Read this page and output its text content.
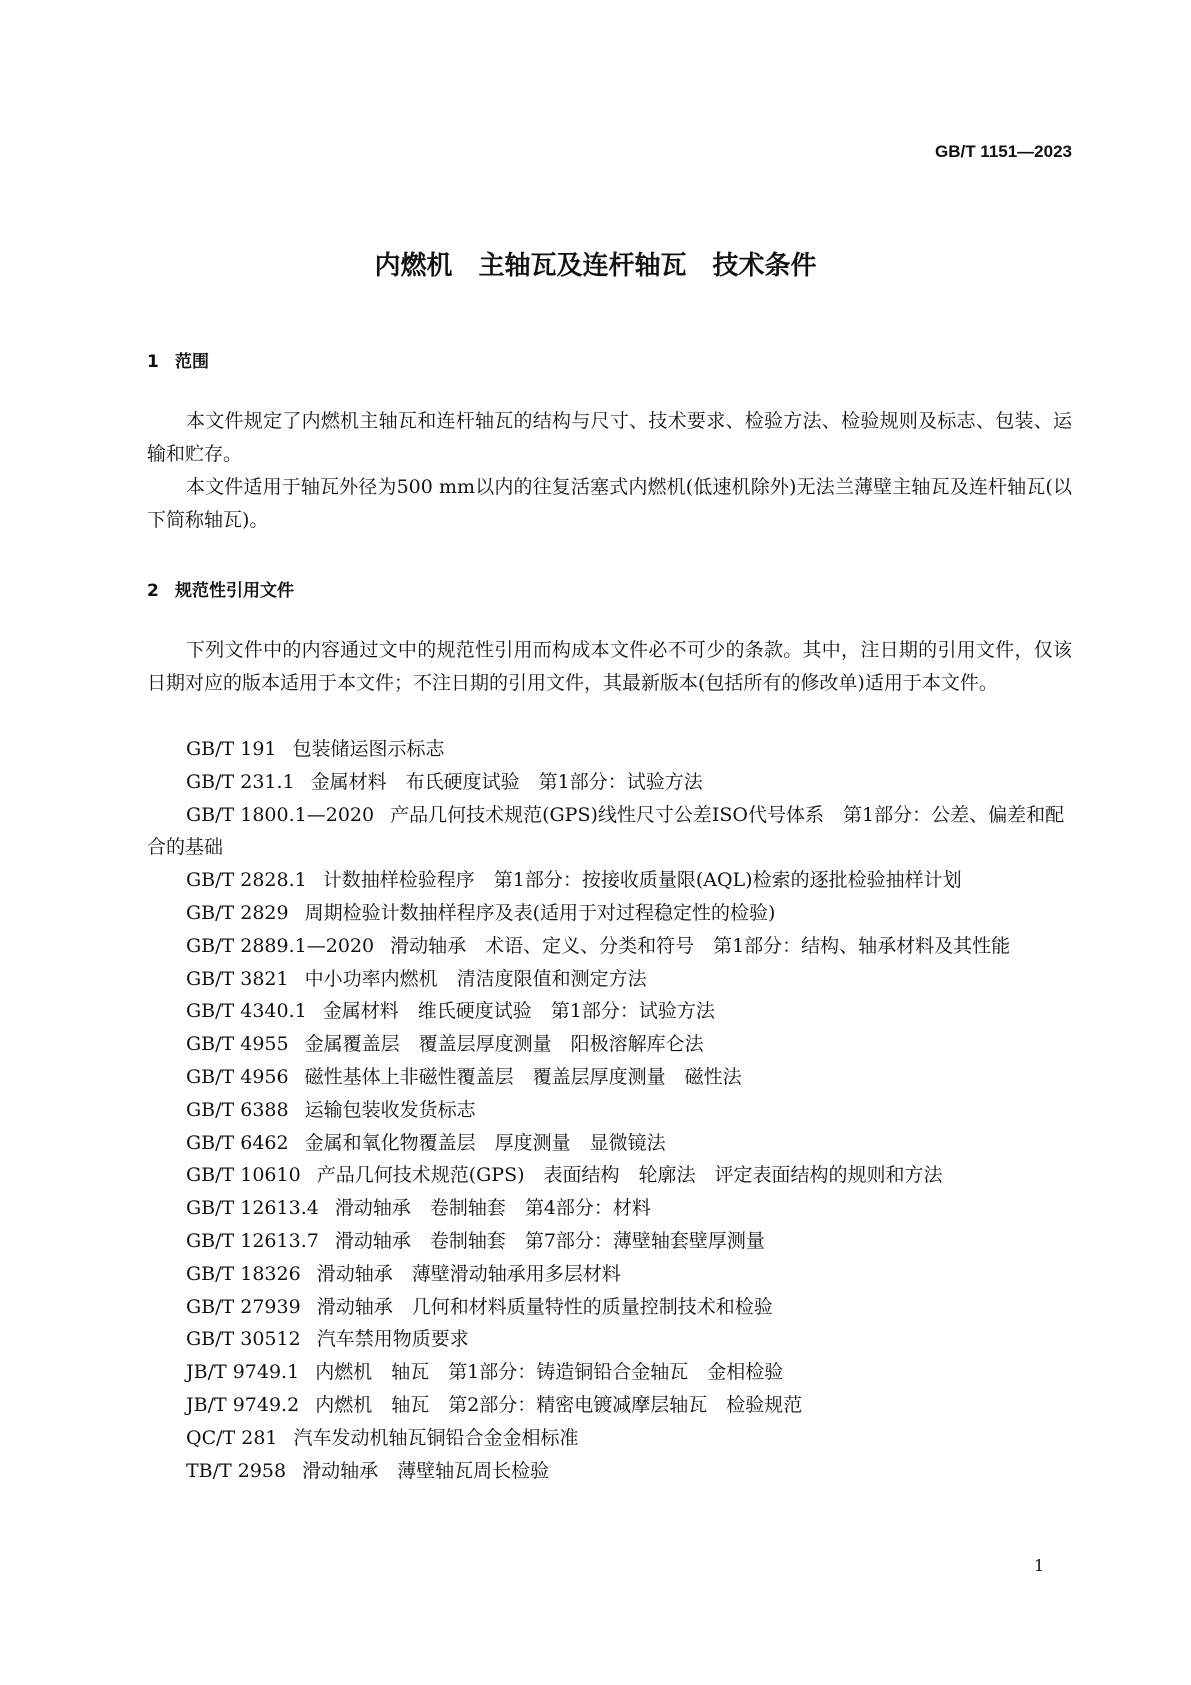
GB/T 1151—2023
内燃机　主轴瓦及连杆轴瓦　技术条件
1 范围

本文件规定了内燃机主轴瓦和连杆轴瓦的结构与尺寸、技术要求、检验方法、检验规则及标志、包装、运输和贮存。

本文件适用于轴瓦外径为500 mm以内的往复活塞式内燃机(低速机除外)无法兰薄壁主轴瓦及连杆轴瓦(以下简称轴瓦)。

2 规范性引用文件

下列文件中的内容通过文中的规范性引用而构成本文件必不可少的条款。其中，注日期的引用文件，仅该日期对应的版本适用于本文件；不注日期的引用文件，其最新版本(包括所有的修改单)适用于本文件。

GB/T 191 包装储运图示标志

GB/T 231.1 金属材料　布氏硬度试验　第1部分：试验方法

GB/T 1800.1—2020 产品几何技术规范(GPS)线性尺寸公差ISO代号体系　第1部分：公差、偏差和配合的基础

GB/T 2828.1 计数抽样检验程序　第1部分：按接收质量限(AQL)检索的逐批检验抽样计划

GB/T 2829 周期检验计数抽样程序及表(适用于对过程稳定性的检验)

GB/T 2889.1—2020 滑动轴承　术语、定义、分类和符号　第1部分：结构、轴承材料及其性能

GB/T 3821 中小功率内燃机　清洁度限值和测定方法

GB/T 4340.1 金属材料　维氏硬度试验　第1部分：试验方法

GB/T 4955 金属覆盖层　覆盖层厚度测量　阳极溶解库仑法

GB/T 4956 磁性基体上非磁性覆盖层　覆盖层厚度测量　磁性法

GB/T 6388 运输包装收发货标志

GB/T 6462 金属和氧化物覆盖层　厚度测量　显微镜法

GB/T 10610 产品几何技术规范(GPS)　表面结构　轮廓法　评定表面结构的规则和方法

GB/T 12613.4 滑动轴承　卷制轴套　第4部分：材料

GB/T 12613.7 滑动轴承　卷制轴套　第7部分：薄壁轴套壁厚测量

GB/T 18326 滑动轴承　薄壁滑动轴承用多层材料

GB/T 27939 滑动轴承　几何和材料质量特性的质量控制技术和检验

GB/T 30512 汽车禁用物质要求

JB/T 9749.1 内燃机　轴瓦　第1部分：铸造铜铅合金轴瓦　金相检验

JB/T 9749.2 内燃机　轴瓦　第2部分：精密电镀减摩层轴瓦　检验规范

QC/T 281 汽车发动机轴瓦铜铅合金金相标准

TB/T 2958 滑动轴承　薄壁轴瓦周长检验

1
